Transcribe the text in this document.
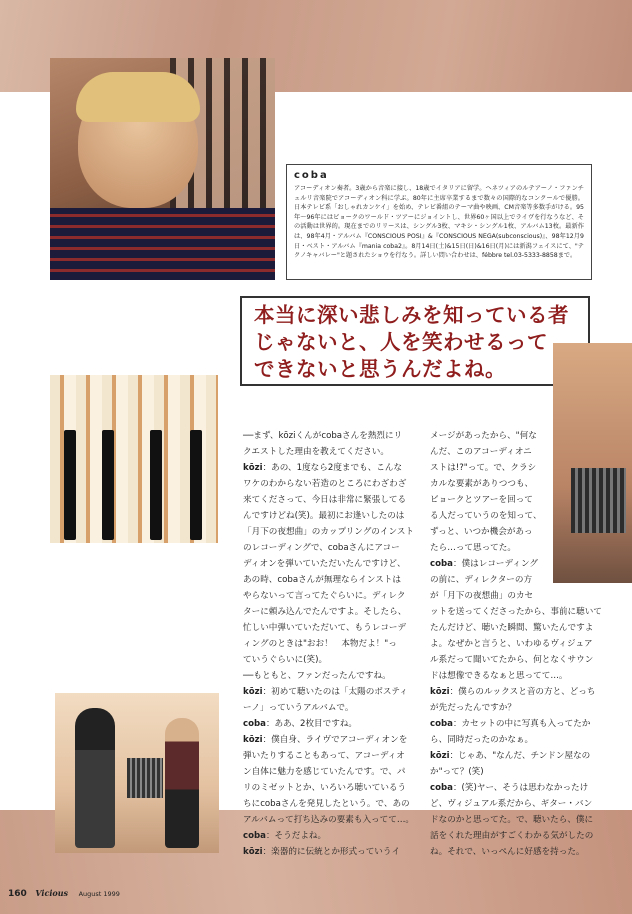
coba

アコーディオン奏者。3歳から音楽に接し、18歳でイタリアに留学。ヘネツィアのルテアーノ・ファンチェルリ音楽院でアコーディオン科に学ぶ。80年に主席卒業するまで数々の国際的なコンクールで優勝。日本テレビ系「おしゃれカンケイ」を始め、テレビ番組のテーマ曲や映画、CM音楽等多数手がける。95年〜96年にはビョークのワールド・ツアーにジョイントし、世界60ヶ国以上でライヴを行なうなど、その活動は世界的。現在までのリリースは、シングル3枚、マキシ・シングル1枚、アルバム13枚。最新作は、98年4月・アルバム『CONSCIOUS POSI』&『CONSCIOUS NEGA(subconscious)』、98年12月9日・ベスト・アルバム『mania coba2』。8月14日(土)&15日(日)&16日(月)には新潟フェイスにて、"テクノキャバレー"と題されたショウを行なう。詳しい問い合わせは、fébbre tel.03-5333-8858まで。

本当に深い悲しみを知っている者
じゃないと、人を笑わせるって
できないと思うんだよね。

──まず、kōziくんがcobaさんを熱烈にリ

クエストした理由を教えてください。

kōzi：あの、1度なら2度までも、こんな

ワケのわからない若造のところにわざわざ

来てくださって、今日は非常に緊張してる

んですけどね(笑)。最初にお逢いしたのは

「月下の夜想曲」のカップリングのインスト

のレコーディングで、cobaさんにアコー

ディオンを弾いていただいたんですけど、

あの時、cobaさんが無理ならインストは

やらないって言ってたぐらいに。ディレク

ターに頼み込んでたんですよ。そしたら、

忙しい中弾いていただいて、もうレコーデ

ィングのときは"おお！　本物だよ！"っ

ていうぐらいに(笑)。

──もともと、ファンだったんですね。

kōzi：初めて聴いたのは「太陽のボスティ

ーノ」っていうアルバムで。

coba：ああ、2枚目ですね。

kōzi：僕自身、ライヴでアコーディオンを

弾いたりすることもあって、アコーディオ

ン自体に魅力を感じていたんです。で、パ

リのミゼットとか、いろいろ聴いているう

ちにcobaさんを発見したという。で、あの

アルバムって打ち込みの要素も入ってて…。

coba：そうだよね。

kōzi：楽器的に伝統とか形式っていうイ

メージがあったから、"何な

んだ、このアコーディオニ

ストは!?"って。で、クラシ

カルな要素がありつつも、

ビョークとツアーを回って

る人だっていうのを知って、

ずっと、いつか機会があっ

たら…って思ってた。

coba：僕はレコーディング

の前に、ディレクターの方

が「月下の夜想曲」のカセ

ットを送ってくださったから、事前に聴いて

たんだけど、聴いた瞬間、驚いたんですよ

よ。なぜかと言うと、いわゆるヴィジュア

ル系だって聞いてたから、何となくサウン

ドは想像できるなぁと思ってて…。

kōzi：僕らのルックスと音の方と、どっち

が先だったんですか？

coba：カセットの中に写真も入ってたか

ら、同時だったのかなぁ。

kōzi：じゃあ、"なんだ、チンドン屋なの

か"って？(笑)

coba：(笑)ヤー、そうは思わなかったけ

ど、ヴィジュアル系だから、ギター・バン

ドなのかと思ってた。で、聴いたら、僕に

話をくれた理由がすごくわかる気がしたの

ね。それで、いっぺんに好感を持った。

160 Vicious August 1999
